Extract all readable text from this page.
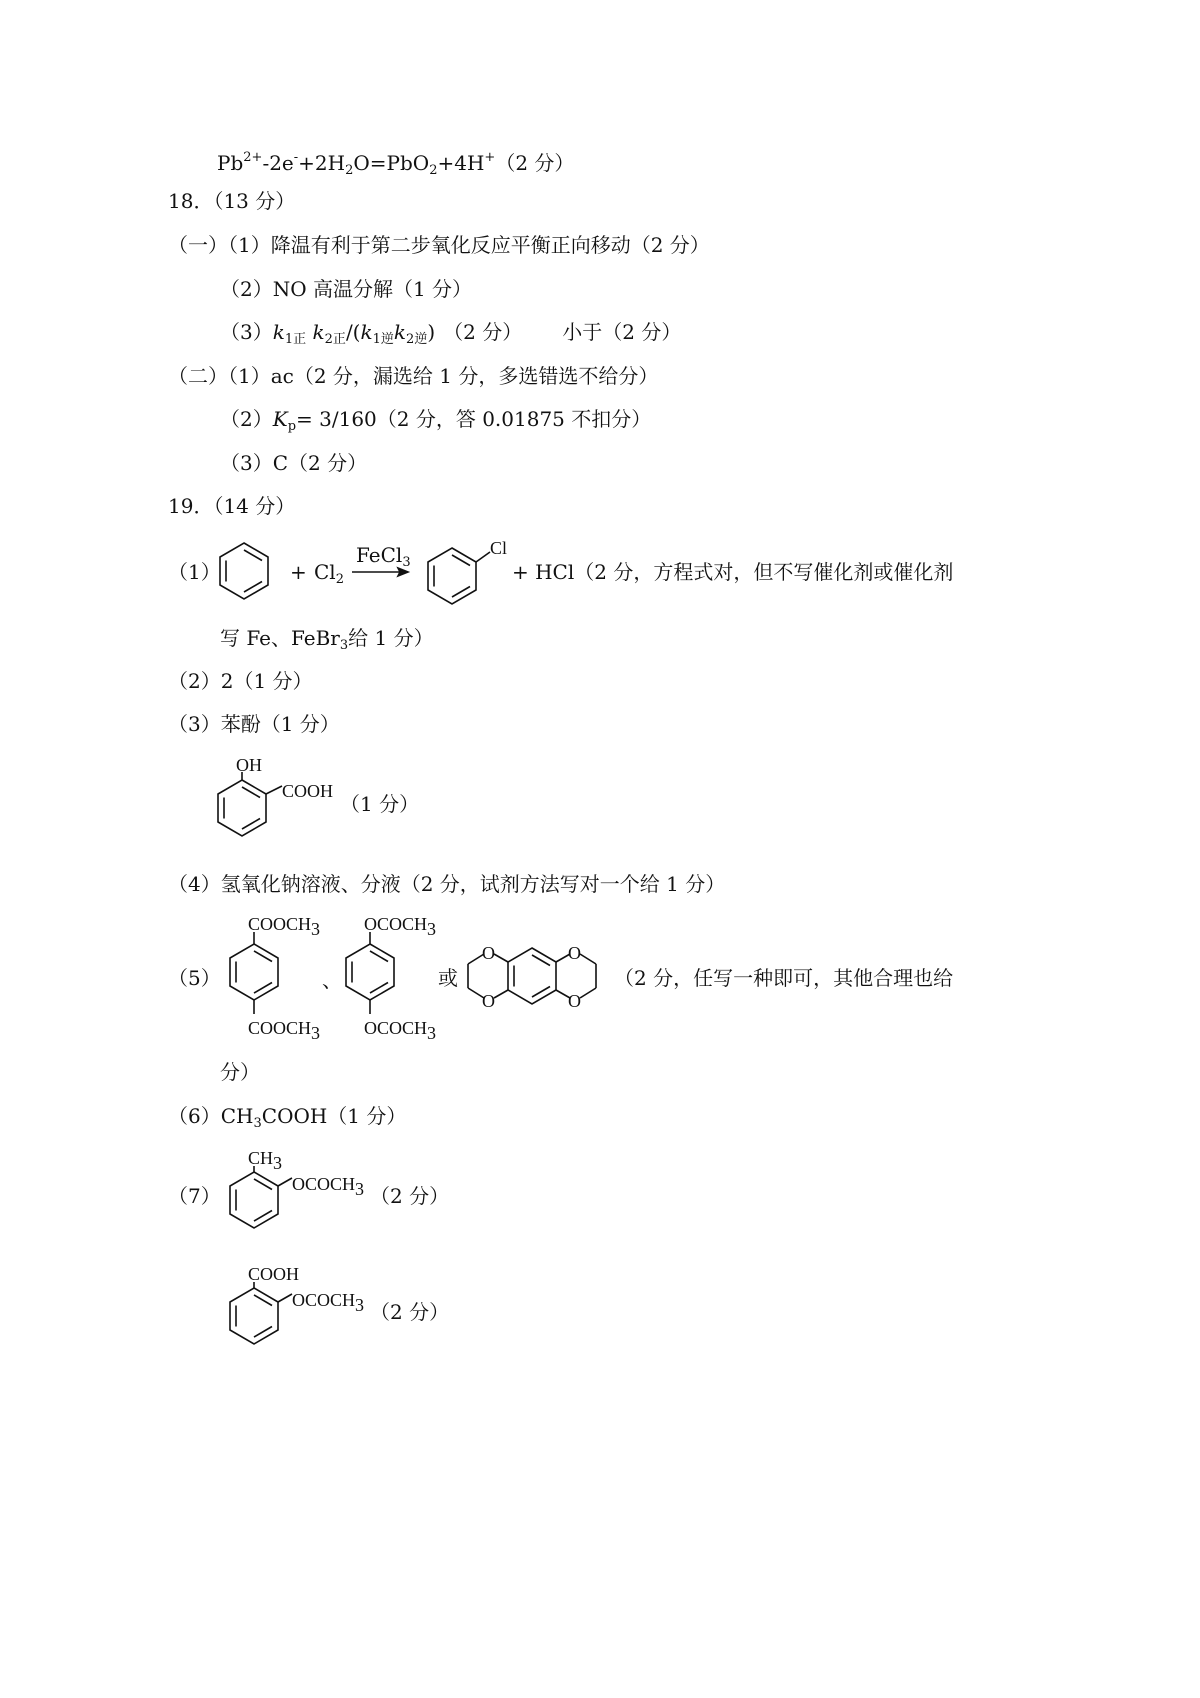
$Pb^{2+}-2e^-+2H_2O=PbO_2+4H^+(2$ 分）
18．（13 分）
（一）（1）降温有利于第二步氧化反应平衡正向移动（2 分）
（2）NO 高温分解（1 分）
$(3)k_{1正}$ $k_{2正}/(k_{1逆}k_{2逆})$ （2 分） 小于（2 分）
（二）（1）ac（2 分，漏选给 1 分，多选错选不给分）
$(2)K_p= 3/160(2$ 分，答 0.01875 不扣分）
（3）C（2 分）
19．（14 分）
（1）	+ $Cl_2$
FeCl$_3$
Cl
+ HCl（2 分，方程式对，但不写催化剂或催化剂
写 Fe、FeBr$_3$给 1 分）
（2）2（1 分）
（3）苯酚（1 分）
OH
COOH
（1 分）
（4）氢氧化钠溶液、分液（2 分，试剂方法写对一个给 1 分）
（5）
COOCH3
COOCH3
、
OCOCH3
OCOCH3
或
O
O
O
O
（2 分，任写一种即可，其他合理也给
分）
$(6)CH_3COOH(1$ 分）
（7）
CH3
OCOCH3 （2 分）
COOH
OCOCH3 （2 分）
